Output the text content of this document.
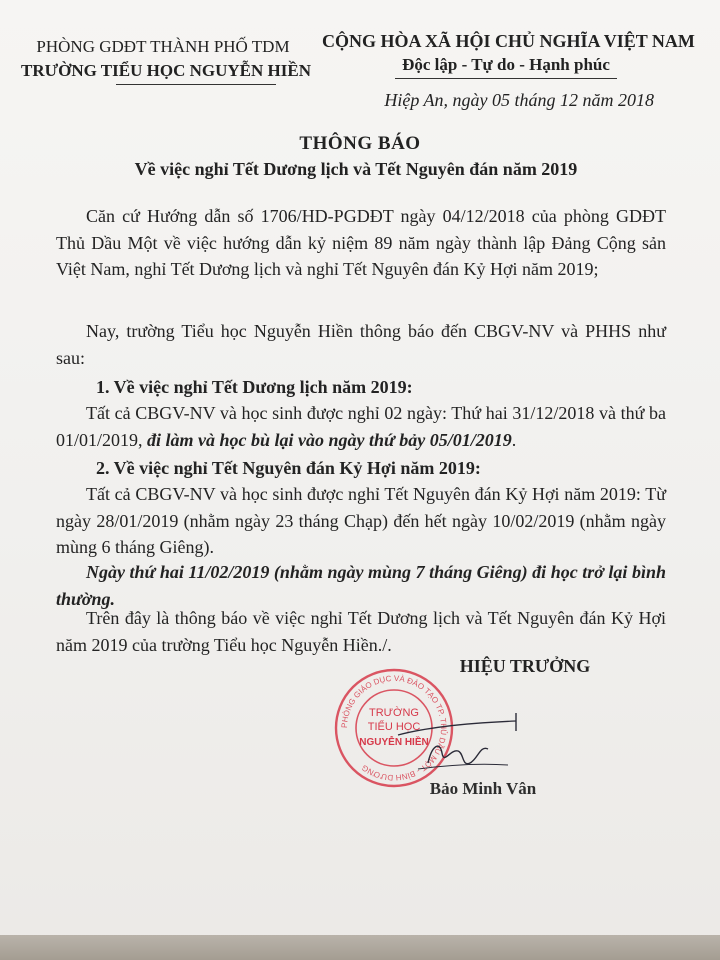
PHÒNG GDĐT THÀNH PHỐ TDM
TRƯỜNG TIỂU HỌC NGUYỄN HIỀN
CỘNG HÒA XÃ HỘI CHỦ NGHĨA VIỆT NAM
Độc lập - Tự do - Hạnh phúc
Hiệp An, ngày 05 tháng 12 năm 2018
THÔNG BÁO
Về việc nghỉ Tết Dương lịch và Tết Nguyên đán năm 2019
Căn cứ Hướng dẫn số 1706/HD-PGDĐT ngày 04/12/2018 của phòng GDĐT Thủ Dầu Một về việc hướng dẫn kỷ niệm 89 năm ngày thành lập Đảng Cộng sản Việt Nam, nghỉ Tết Dương lịch và nghỉ Tết Nguyên đán Kỷ Hợi năm 2019;
Nay, trường Tiểu học Nguyễn Hiền thông báo đến CBGV-NV và PHHS như sau:
1. Về việc nghỉ Tết Dương lịch năm 2019:
Tất cả CBGV-NV và học sinh được nghỉ 02 ngày: Thứ hai 31/12/2018 và thứ ba 01/01/2019, đi làm và học bù lại vào ngày thứ bảy 05/01/2019.
2. Về việc nghỉ Tết Nguyên đán Kỷ Hợi năm 2019:
Tất cả CBGV-NV và học sinh được nghỉ Tết Nguyên đán Kỷ Hợi năm 2019: Từ ngày 28/01/2019 (nhằm ngày 23 tháng Chạp) đến hết ngày 10/02/2019 (nhằm ngày mùng 6 tháng Giêng).
Ngày thứ hai 11/02/2019 (nhằm ngày mùng 7 tháng Giêng) đi học trở lại bình thường.
Trên đây là thông báo về việc nghỉ Tết Dương lịch và Tết Nguyên đán Kỷ Hợi năm 2019 của trường Tiểu học Nguyễn Hiền./.
HIỆU TRƯỞNG
PHÒNG GIÁO DỤC VÀ ĐÀO TẠO TP. THỦ DẦU MỘT - BÌNH DƯƠNG
TRƯỜNG
TIỂU HỌC
NGUYỄN HIỀN
Bảo Minh Vân
